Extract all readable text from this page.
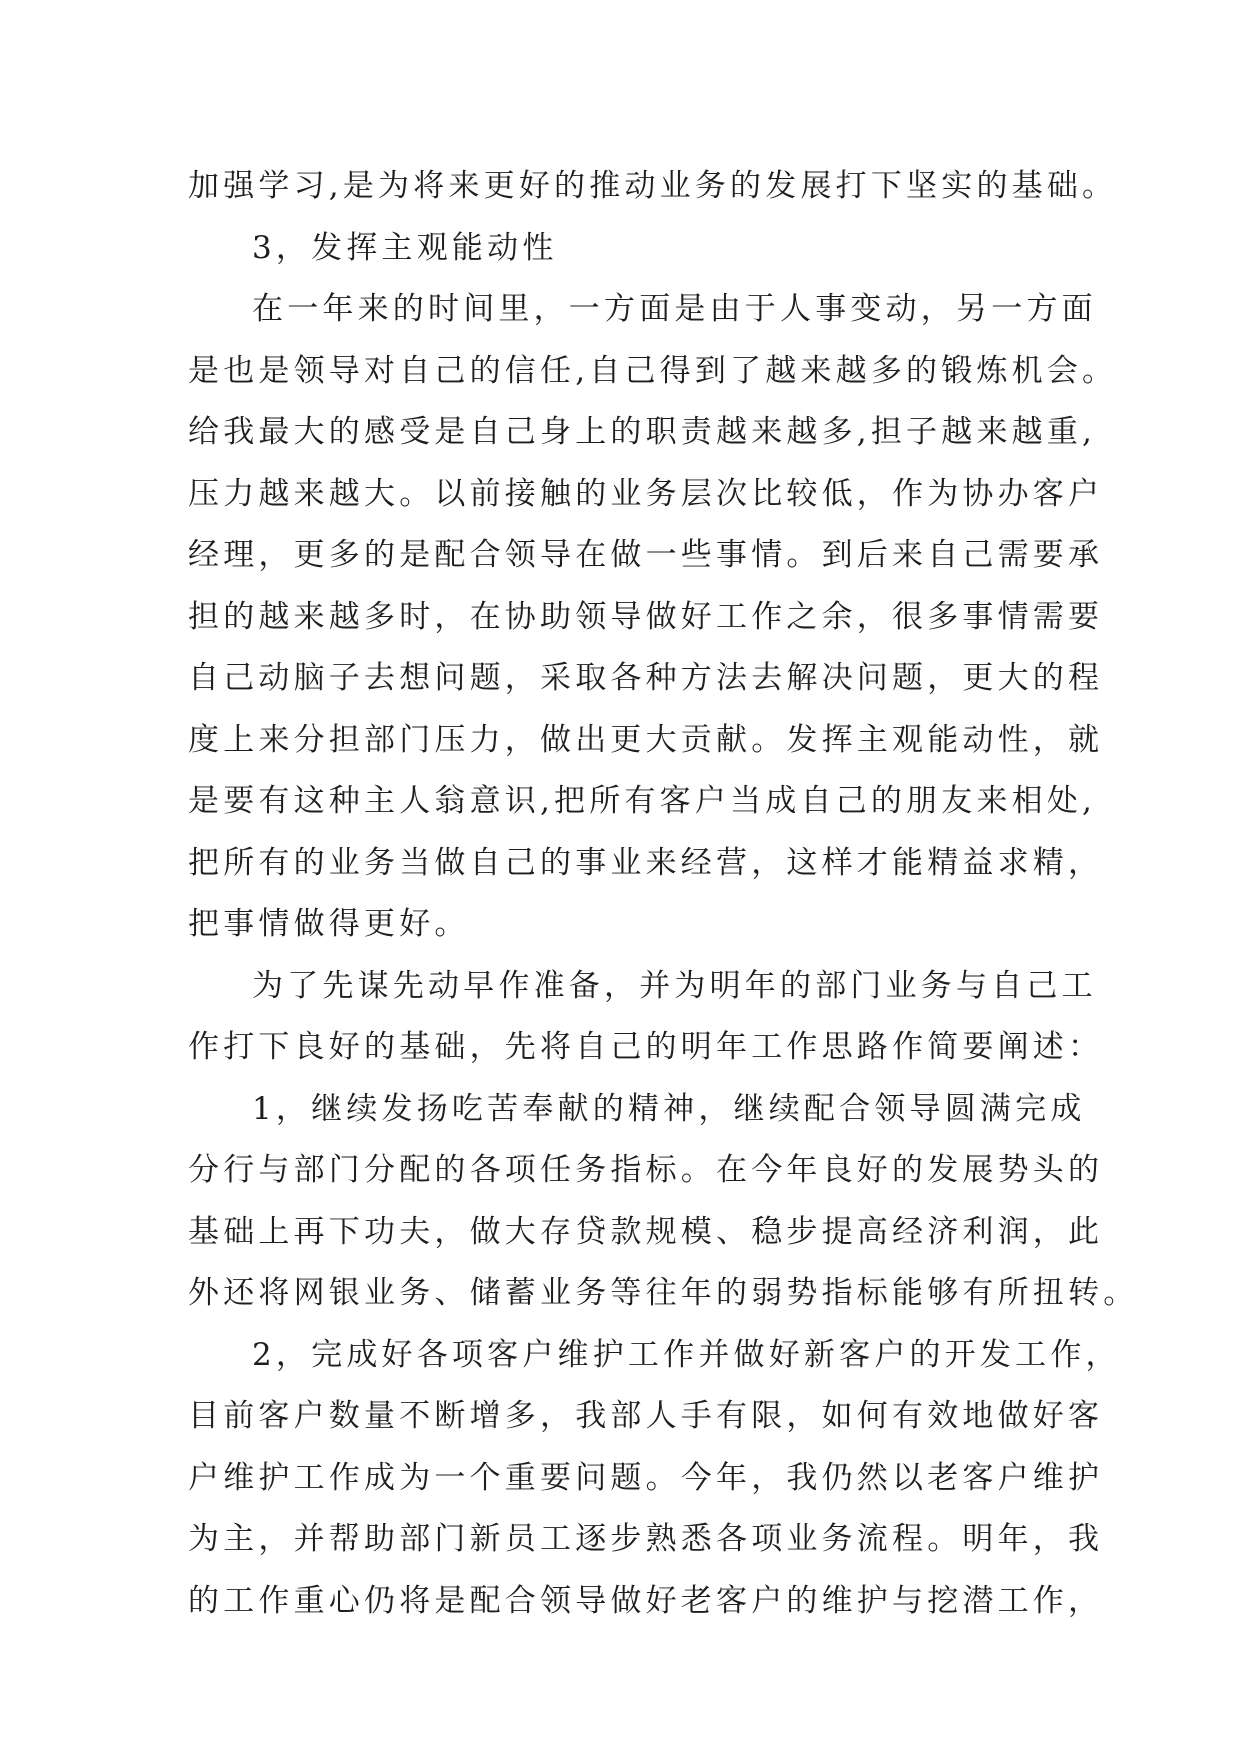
加强学习,是为将来更好的推动业务的发展打下坚实的基础。
3，发挥主观能动性
在一年来的时间里，一方面是由于人事变动，另一方面
是也是领导对自己的信任,自己得到了越来越多的锻炼机会。
给我最大的感受是自己身上的职责越来越多,担子越来越重,
压力越来越大。以前接触的业务层次比较低，作为协办客户
经理，更多的是配合领导在做一些事情。到后来自己需要承
担的越来越多时，在协助领导做好工作之余，很多事情需要
自己动脑子去想问题，采取各种方法去解决问题，更大的程
度上来分担部门压力，做出更大贡献。发挥主观能动性，就
是要有这种主人翁意识,把所有客户当成自己的朋友来相处,
把所有的业务当做自己的事业来经营，这样才能精益求精，
把事情做得更好。
为了先谋先动早作准备，并为明年的部门业务与自己工
作打下良好的基础，先将自己的明年工作思路作简要阐述：
1，继续发扬吃苦奉献的精神，继续配合领导圆满完成
分行与部门分配的各项任务指标。在今年良好的发展势头的
基础上再下功夫，做大存贷款规模、稳步提高经济利润，此
外还将网银业务、储蓄业务等往年的弱势指标能够有所扭转。
2，完成好各项客户维护工作并做好新客户的开发工作，
目前客户数量不断增多，我部人手有限，如何有效地做好客
户维护工作成为一个重要问题。今年，我仍然以老客户维护
为主，并帮助部门新员工逐步熟悉各项业务流程。明年，我
的工作重心仍将是配合领导做好老客户的维护与挖潜工作，
